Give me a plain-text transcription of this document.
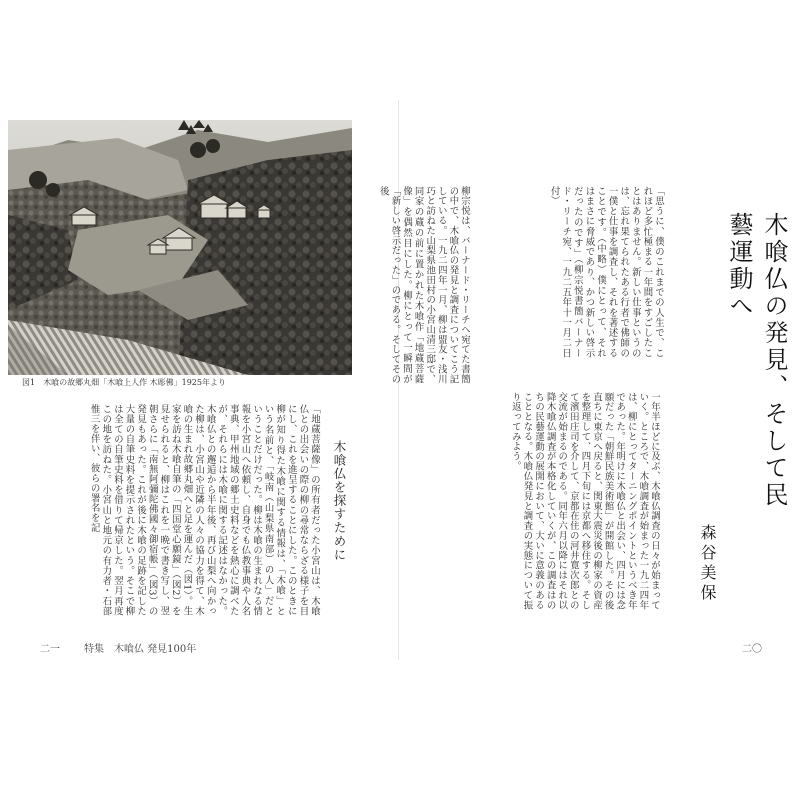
図1　木喰の故郷丸畑「木喰上人作 木彫佛」1925年より	木喰仏の発見、そして民藝運動へ
森谷美保
「思うに、僕のこれまでの人生で、これほど多忙極まる一年間をすごしたことはありません。新しい仕事というのは、忘れ果てられたある行者で佛師の一僕と仕事を調査し、それを著述することです。（中略）僕にとって、それはまさに脅威であり、かつ新しい啓示だったのです」（柳宗悦書簡バーナード・リーチ宛、一九二五年十一月二日付）
一年半ほどに及ぶ、木喰仏調査の日々が始まっていく。ところで、木喰調査が始まった一九二四年は、柳にとってターニングポイントというべき年であった。年明けに木喰仏と出会い、四月には念願だった「朝鮮民族美術館」が開館した。その後直ちに東京へ戻ると、関東大震災後の柳家の資産を整理して、四月下旬には京都へ移住する。そして濱田庄司を介して、京都在住の河井寛次郎との交流が始まるのである。同年六月以降にはそれ以降木喰仏調査が本格化していくが、この調査はのちの民藝運動の展開において、大いに意義のあることとなる。木喰仏発見と調査の実態について振り返ってみよう。
柳宗悦は、バーナード・リーチへ宛てた書簡の中で、木喰仏の発見と調査についてこう記している。一九二四年一月、柳は盟友・浅川巧と訪ねた山梨県池田村の小宮山清三邸で、同家の蔵の前に置かれた木喰作「地蔵菩薩像」を偶然目にした。柳にとって一瞬間が「新しい啓示だった」のである。そしてその後
木喰仏を探すために
「地蔵菩薩像」の所有者だった小宮山は、木喰仏との出会いの際の柳の尋常ならざる様子を目にし、これを進呈することにした。このときに柳が知り得た木喰に関する情報は、「木喰」という名前と、「岐南（山梨県南部）の人」だということだけだった。柳は木喰の生まれなる情報を小宮山へ依頼し、自身でも仏教事典や人名事典、甲州地域の郷土史料などを熱心に調べたが、それらには木喰に関する記述はなかった。木喰仏との邂逅から半年後、再び山梨へ向かった柳は、小宮山や近隣の人々の協力を得て、木喰の生まれ故郷丸畑へと足を運んだ（図1）。生家を訪ね木喰自筆の「四国堂心願鏡」（図2）を見せられると、柳はこれを一晩で書き写し、翌朝さらに「南無阿彌陀佛國々御宿帳」（図3）の発見もあった。これが後に木喰の足跡を記した大量の自筆史料を提示されたという。そこで柳は全ての自筆史料を借りて帰京した。翌月再度この地を訪ねた。小宮山と地元の有力者・石部惟三を伴い、彼らの署名を記
二一 特集　木喰仏 発見100年	二〇
